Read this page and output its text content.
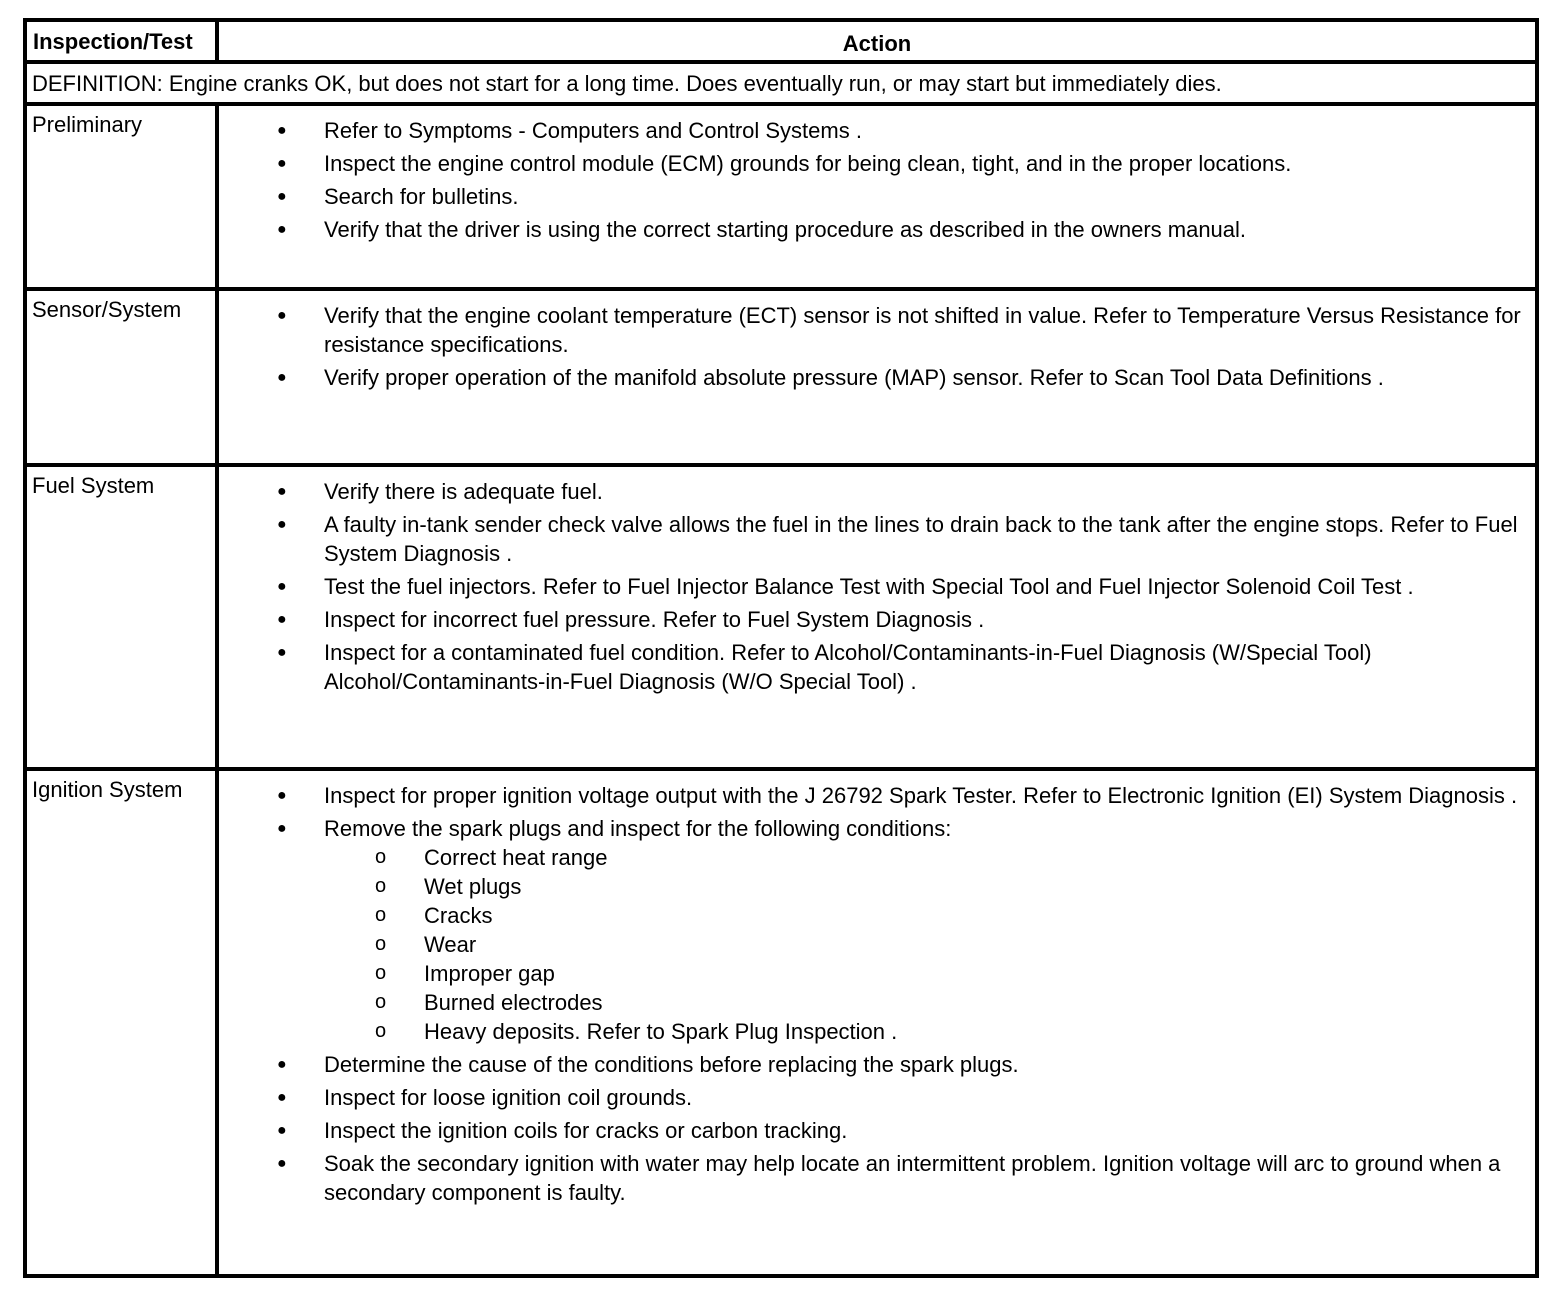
Inspection/Test	Action
DEFINITION: Engine cranks OK, but does not start for a long time. Does eventually run, or may start but immediately dies.
Preliminary	● Refer to Symptoms - Computers and Control Systems .
● Inspect the engine control module (ECM) grounds for being clean, tight, and in the proper locations.
● Search for bulletins.
● Verify that the driver is using the correct starting procedure as described in the owners manual.
Sensor/System	● Verify that the engine coolant temperature (ECT) sensor is not shifted in value. Refer to Temperature Versus Resistance for resistance specifications.
● Verify proper operation of the manifold absolute pressure (MAP) sensor. Refer to Scan Tool Data Definitions .
Fuel System	● Verify there is adequate fuel.
● A faulty in-tank sender check valve allows the fuel in the lines to drain back to the tank after the engine stops. Refer to Fuel System Diagnosis .
● Test the fuel injectors. Refer to Fuel Injector Balance Test with Special Tool and Fuel Injector Solenoid Coil Test .
● Inspect for incorrect fuel pressure. Refer to Fuel System Diagnosis .
● Inspect for a contaminated fuel condition. Refer to Alcohol/Contaminants-in-Fuel Diagnosis (W/Special Tool) Alcohol/Contaminants-in-Fuel Diagnosis (W/O Special Tool) .
Ignition System	● Inspect for proper ignition voltage output with the J 26792 Spark Tester. Refer to Electronic Ignition (EI) System Diagnosis .
● Remove the spark plugs and inspect for the following conditions:
o Correct heat range
o Wet plugs
o Cracks
o Wear
o Improper gap
o Burned electrodes
o Heavy deposits. Refer to Spark Plug Inspection .
● Determine the cause of the conditions before replacing the spark plugs.
● Inspect for loose ignition coil grounds.
● Inspect the ignition coils for cracks or carbon tracking.
● Soak the secondary ignition with water may help locate an intermittent problem. Ignition voltage will arc to ground when a secondary component is faulty.
